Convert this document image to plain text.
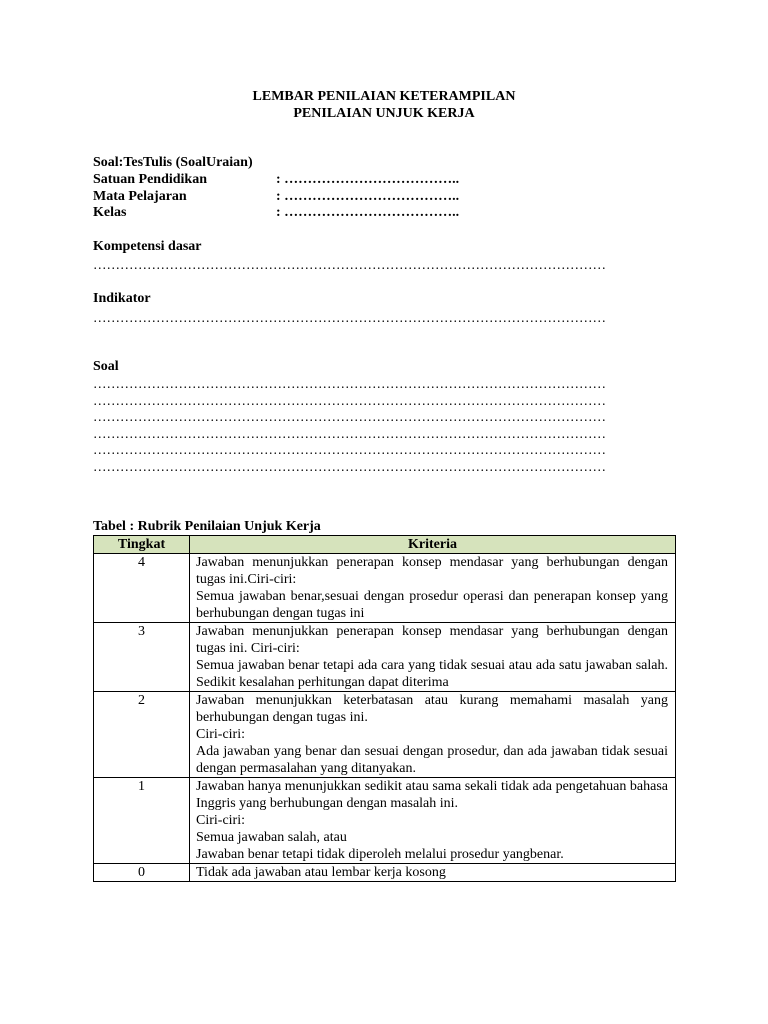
LEMBAR PENILAIAN KETERAMPILAN
PENILAIAN UNJUK KERJA
Soal:TesTulis (SoalUraian)
Satuan Pendidikan	: ………………………………..
Mata Pelajaran	: ………………………………..
Kelas	: ………………………………..
Kompetensi dasar
……………………………………………………………………………………………………
Indikator
……………………………………………………………………………………………………
Soal
……………………………………………………………………………………………………
……………………………………………………………………………………………………
……………………………………………………………………………………………………
……………………………………………………………………………………………………
……………………………………………………………………………………………………
……………………………………………………………………………………………………
Tabel : Rubrik Penilaian Unjuk Kerja
Tingkat	Kriteria
4	Jawaban menunjukkan penerapan konsep mendasar yang berhubungan dengan tugas ini.Ciri-ciri:
Semua jawaban benar,sesuai dengan prosedur operasi dan penerapan konsep yang berhubungan dengan tugas ini

3	Jawaban menunjukkan penerapan konsep mendasar yang berhubungan dengan tugas ini. Ciri-ciri:
Semua jawaban benar tetapi ada cara yang tidak sesuai atau ada satu jawaban salah. Sedikit kesalahan perhitungan dapat diterima

2	Jawaban menunjukkan keterbatasan atau kurang memahami masalah yang berhubungan dengan tugas ini.
Ciri-ciri:
Ada jawaban yang benar dan sesuai dengan prosedur, dan ada jawaban tidak sesuai dengan permasalahan yang ditanyakan.

1	Jawaban hanya menunjukkan sedikit atau sama sekali tidak ada pengetahuan bahasa Inggris yang berhubungan dengan masalah ini.
Ciri-ciri:
Semua jawaban salah, atau
Jawaban benar tetapi tidak diperoleh melalui prosedur yangbenar.

0	Tidak ada jawaban atau lembar kerja kosong
